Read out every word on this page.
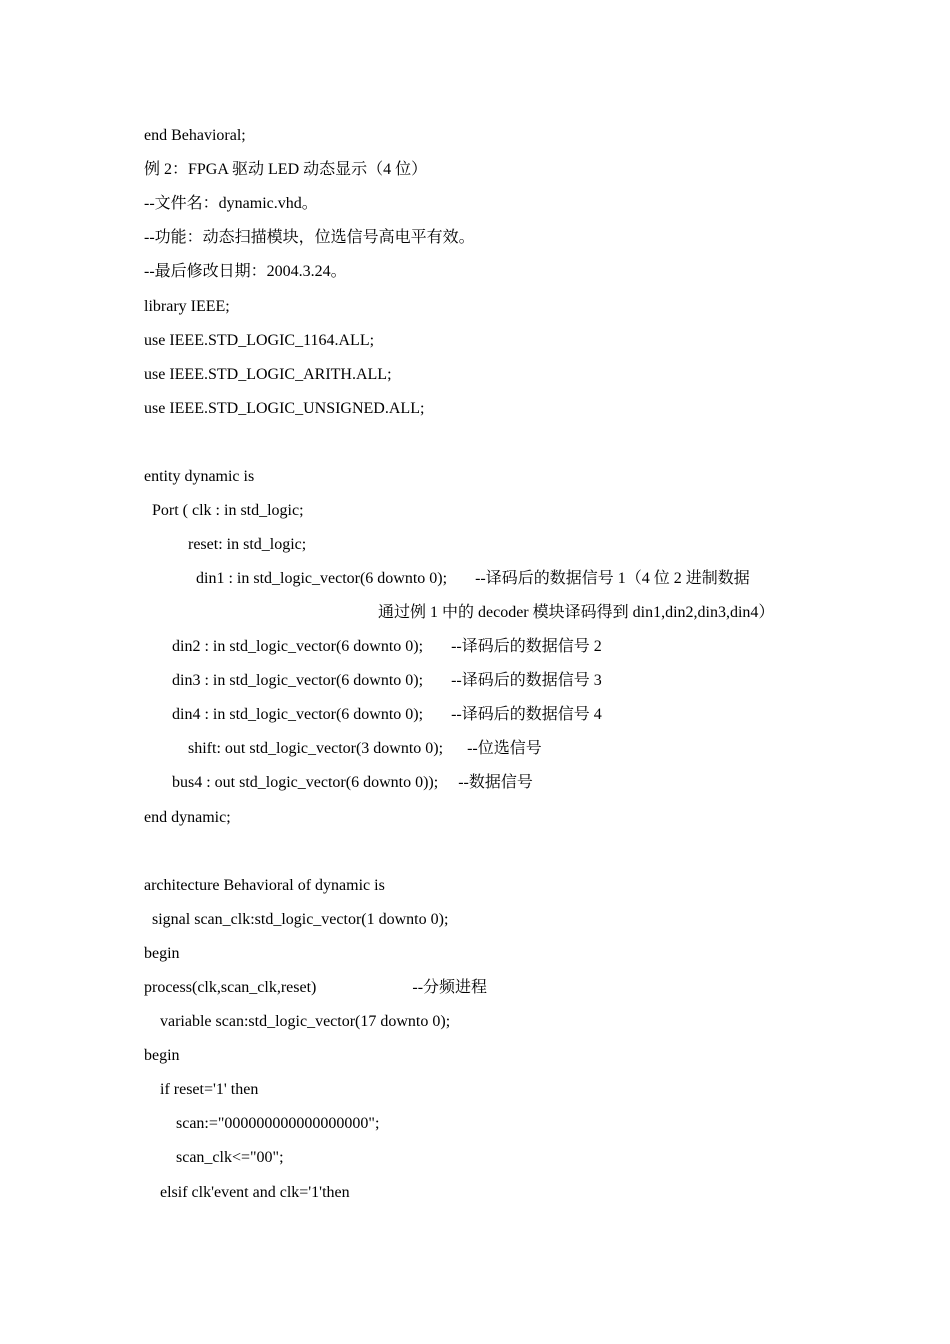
end Behavioral;
例 2：FPGA 驱动 LED 动态显示（4 位）
--文件名：dynamic.vhd。
--功能：动态扫描模块，位选信号高电平有效。
--最后修改日期：2004.3.24。
library IEEE;
use IEEE.STD_LOGIC_1164.ALL;
use IEEE.STD_LOGIC_ARITH.ALL;
use IEEE.STD_LOGIC_UNSIGNED.ALL;
entity dynamic is
Port ( clk : in std_logic;
reset: in std_logic;
din1 : in std_logic_vector(6 downto 0);       --译码后的数据信号 1（4 位 2 进制数据
通过例 1 中的 decoder 模块译码得到 din1,din2,din3,din4）
din2 : in std_logic_vector(6 downto 0);       --译码后的数据信号 2
din3 : in std_logic_vector(6 downto 0);       --译码后的数据信号 3
din4 : in std_logic_vector(6 downto 0);       --译码后的数据信号 4
shift: out std_logic_vector(3 downto 0);      --位选信号
bus4 : out std_logic_vector(6 downto 0));     --数据信号
end dynamic;
architecture Behavioral of dynamic is
signal scan_clk:std_logic_vector(1 downto 0);
begin
process(clk,scan_clk,reset)                        --分频进程
variable scan:std_logic_vector(17 downto 0);
begin
if reset='1' then
scan:="000000000000000000";
scan_clk<="00";
elsif clk'event and clk='1'then
